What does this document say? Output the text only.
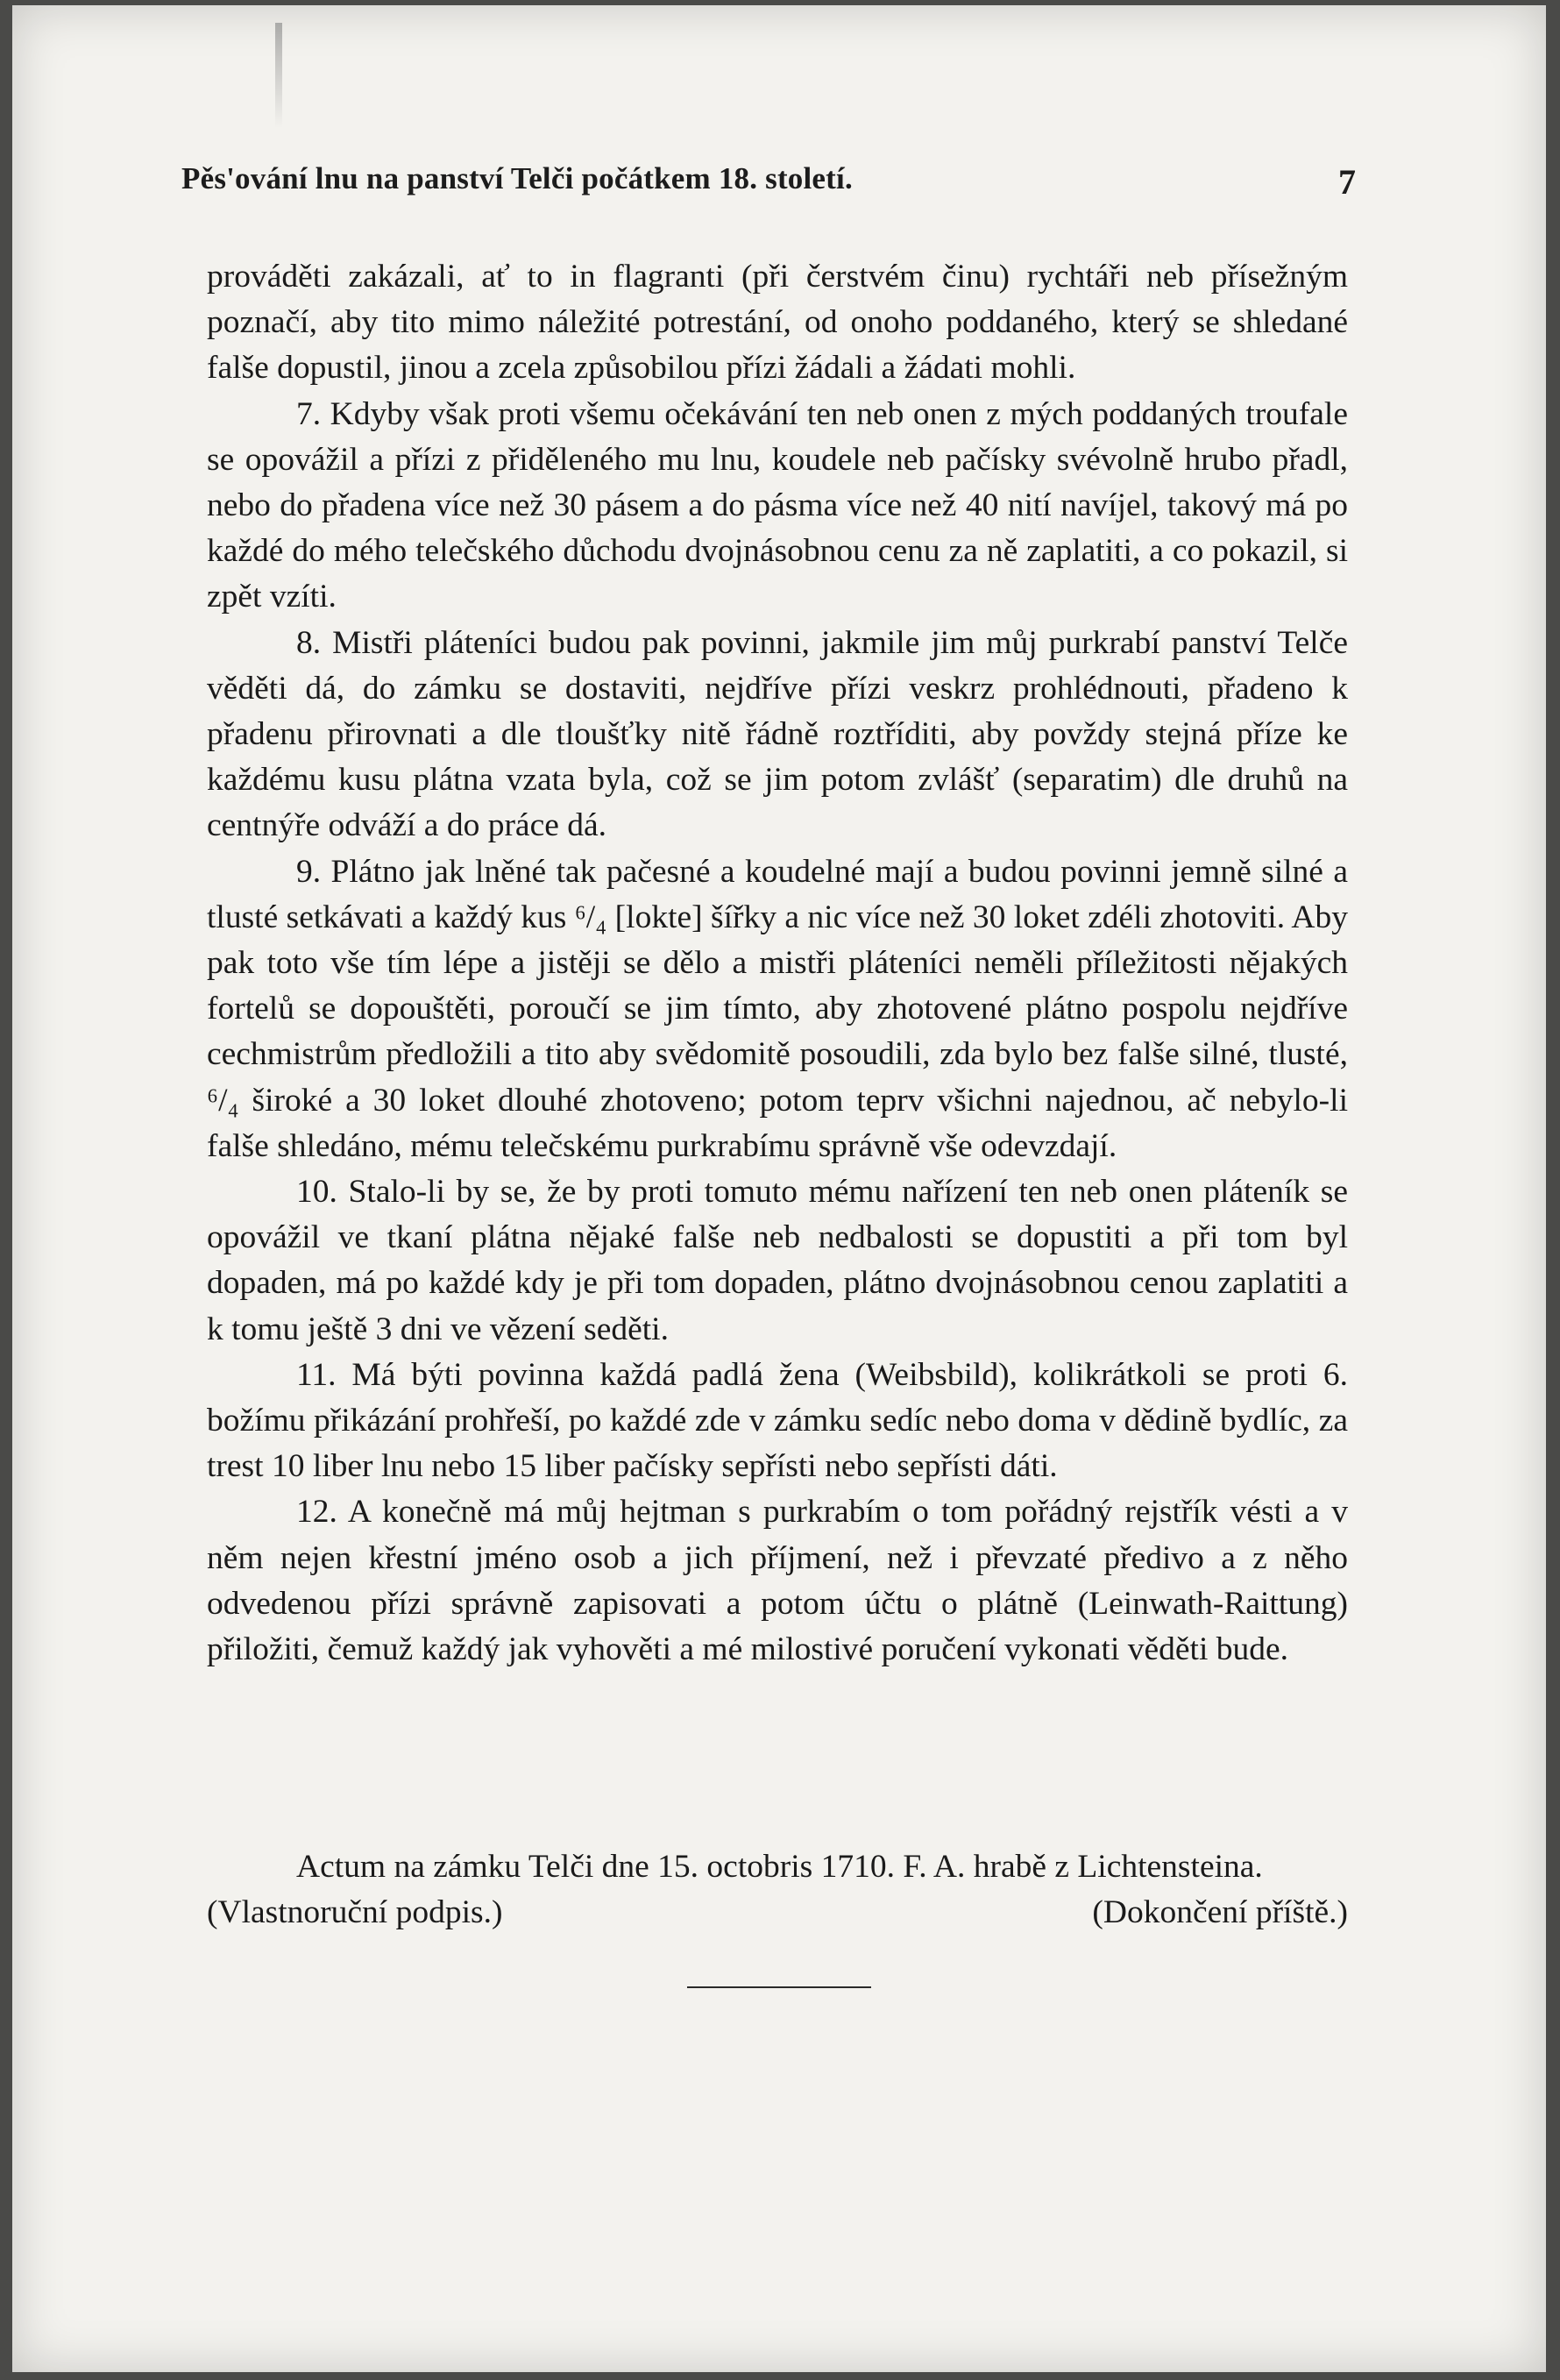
Pěs'ování lnu na panství Telči počátkem 18. století.	7

prováděti zakázali, ať to in flagranti (při čerstvém činu) rychtáři neb přísežným poznačí, aby tito mimo náležité potrestání, od onoho poddaného, který se shledané falše dopustil, jinou a zcela způsobilou přízi žádali a žádati mohli.

7. Kdyby však proti všemu očekávání ten neb onen z mých poddaných troufale se opovážil a přízi z přiděleného mu lnu, koudele neb pačísky svévolně hrubo přadl, nebo do přadena více než 30 pásem a do pásma více než 40 nití navíjel, takový má po každé do mého telečského důchodu dvojnásobnou cenu za ně zaplatiti, a co pokazil, si zpět vzíti.

8. Mistři pláteníci budou pak povinni, jakmile jim můj purkrabí panství Telče věděti dá, do zámku se dostaviti, nejdříve přízi veskrz prohlédnouti, přadeno k přadenu přirovnati a dle tloušťky nitě řádně roztříditi, aby povždy stejná příze ke každému kusu plátna vzata byla, což se jim potom zvlášť (separatim) dle druhů na centnýře odváží a do práce dá.

9. Plátno jak lněné tak pačesné a koudelné mají a budou povinni jemně silné a tlusté setkávati a každý kus ⁶/₄ [lokte] šířky a nic více než 30 loket zdéli zhotoviti. Aby pak toto vše tím lépe a jistěji se dělo a mistři pláteníci neměli příležitosti nějakých fortelů se dopouštěti, poroučí se jim tímto, aby zhotovené plátno pospolu nejdříve cechmistrům předložili a tito aby svědomitě posoudili, zda bylo bez falše silné, tlusté, ⁶/₄ široké a 30 loket dlouhé zhotoveno; potom teprv všichni najednou, ač nebylo-li falše shledáno, mému telečskému purkrabímu správně vše odevzdají.

10. Stalo-li by se, že by proti tomuto mému nařízení ten neb onen pláteník se opovážil ve tkaní plátna nějaké falše neb nedbalosti se dopustiti a při tom byl dopaden, má po každé kdy je při tom dopaden, plátno dvojnásobnou cenou zaplatiti a k tomu ještě 3 dni ve vězení seděti.

11. Má býti povinna každá padlá žena (Weibsbild), kolikrátkoli se proti 6. božímu přikázání prohřeší, po každé zde v zámku sedíc nebo doma v dědině bydlíc, za trest 10 liber lnu nebo 15 liber pačísky sepřísti nebo sepřísti dáti.

12. A konečně má můj hejtman s purkrabím o tom pořádný rejstřík vésti a v něm nejen křestní jméno osob a jich příjmení, než i převzaté předivo a z něho odvedenou přízi správně zapisovati a potom účtu o plátně (Leinwath-Raittung) přiložiti, čemuž každý jak vyhověti a mé milostivé poručení vykonati věděti bude.

Actum na zámku Telči dne 15. octobris 1710. F. A. hrabě z Lichtensteina.

(Vlastnoruční podpis.)	(Dokončení příště.)
